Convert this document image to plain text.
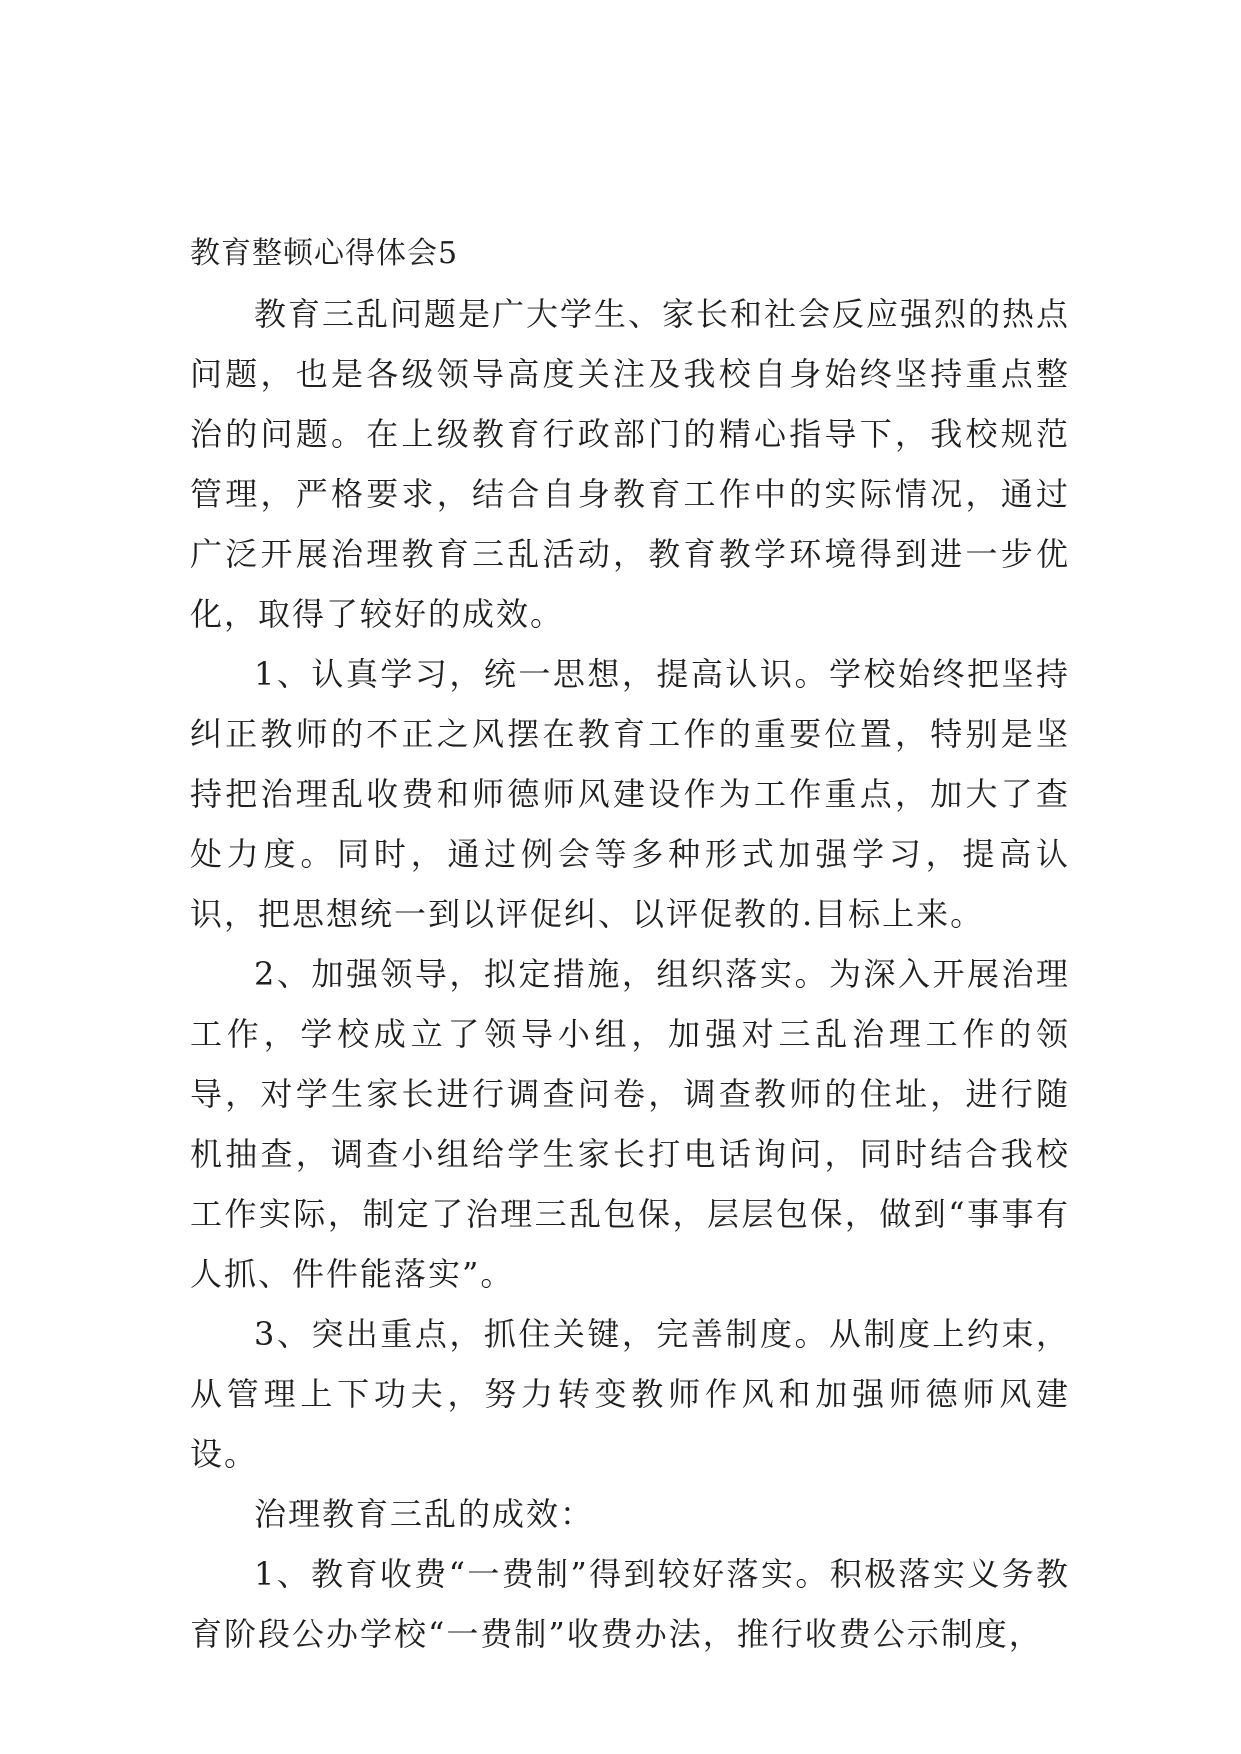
教育整顿心得体会5

教育三乱问题是广大学生、家长和社会反应强烈的热点问题，也是各级领导高度关注及我校自身始终坚持重点整治的问题。在上级教育行政部门的精心指导下，我校规范管理，严格要求，结合自身教育工作中的实际情况，通过广泛开展治理教育三乱活动，教育教学环境得到进一步优化，取得了较好的成效。

1、认真学习，统一思想，提高认识。学校始终把坚持纠正教师的不正之风摆在教育工作的重要位置，特别是坚持把治理乱收费和师德师风建设作为工作重点，加大了查处力度。同时，通过例会等多种形式加强学习，提高认识，把思想统一到以评促纠、以评促教的.目标上来。

2、加强领导，拟定措施，组织落实。为深入开展治理工作，学校成立了领导小组，加强对三乱治理工作的领导，对学生家长进行调查问卷，调查教师的住址，进行随机抽查，调查小组给学生家长打电话询问，同时结合我校工作实际，制定了治理三乱包保，层层包保，做到“事事有人抓、件件能落实”。

3、突出重点，抓住关键，完善制度。从制度上约束，从管理上下功夫，努力转变教师作风和加强师德师风建设。

治理教育三乱的成效：

1、教育收费“一费制”得到较好落实。积极落实义务教育阶段公办学校“一费制”收费办法，推行收费公示制度，
